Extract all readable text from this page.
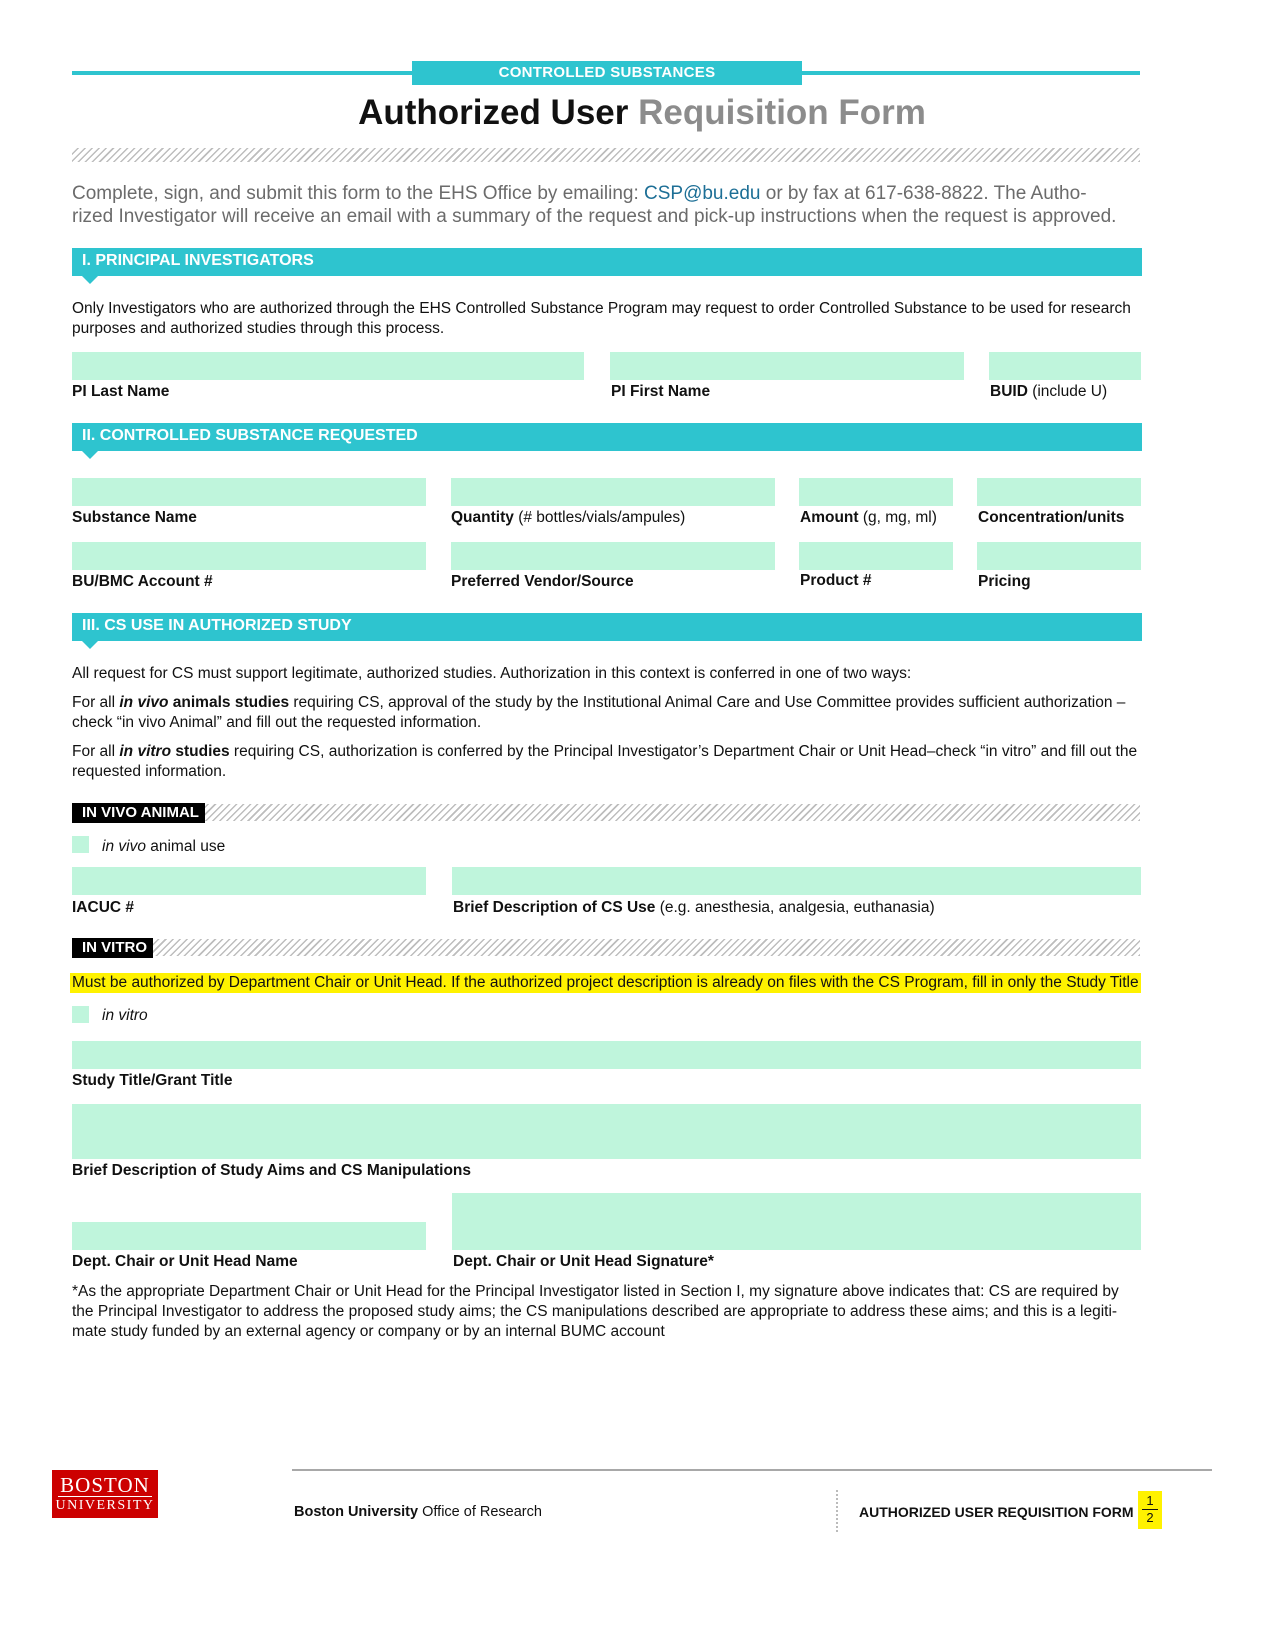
CONTROLLED SUBSTANCES
Authorized User Requisition Form
Complete, sign, and submit this form to the EHS Office by emailing: CSP@bu.edu or by fax at 617-638-8822. The Autho-
rized Investigator will receive an email with a summary of the request and pick-up instructions when the request is approved.
I. PRINCIPAL INVESTIGATORS
Only Investigators who are authorized through the EHS Controlled Substance Program may request to order Controlled Substance to be used for research purposes and authorized studies through this process.
PI Last Name	PI First Name	BUID (include U)
II. CONTROLLED SUBSTANCE REQUESTED
Substance Name	Quantity (# bottles/vials/ampules)	Amount (g, mg, ml)	Concentration/units
BU/BMC Account #	Preferred Vendor/Source	Product #	Pricing
III. CS USE IN AUTHORIZED STUDY
All request for CS must support legitimate, authorized studies. Authorization in this context is conferred in one of two ways:
For all in vivo animals studies requiring CS, approval of the study by the Institutional Animal Care and Use Committee provides sufficient authorization –
check “in vivo Animal” and fill out the requested information.
For all in vitro studies requiring CS, authorization is conferred by the Principal Investigator’s Department Chair or Unit Head–check “in vitro” and fill out the
requested information.
IN VIVO ANIMAL
in vivo animal use
IACUC #	Brief Description of CS Use (e.g. anesthesia, analgesia, euthanasia)
IN VITRO
Must be authorized by Department Chair or Unit Head. If the authorized project description is already on files with the CS Program, fill in only the Study Title
in vitro
Study Title/Grant Title
Brief Description of Study Aims and CS Manipulations
Dept. Chair or Unit Head Name	Dept. Chair or Unit Head Signature*
*As the appropriate Department Chair or Unit Head for the Principal Investigator listed in Section I, my signature above indicates that: CS are required by
the Principal Investigator to address the proposed study aims; the CS manipulations described are appropriate to address these aims; and this is a legiti-
mate study funded by an external agency or company or by an internal BUMC account
BOSTON
UNIVERSITY	Boston University Office of Research	AUTHORIZED USER REQUISITION FORM
1
2
